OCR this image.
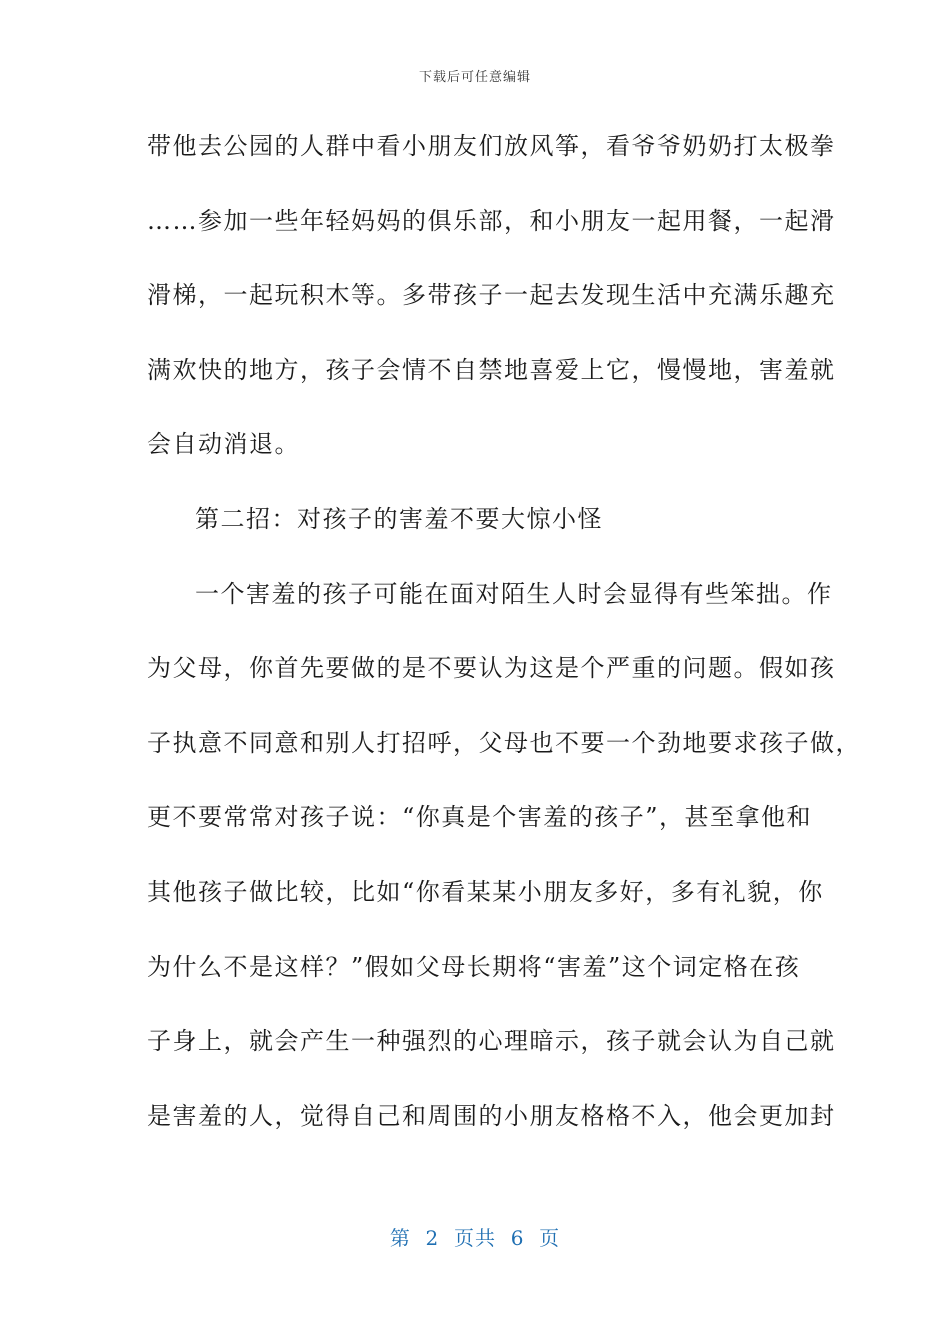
下载后可任意编辑
带他去公园的人群中看小朋友们放风筝，看爷爷奶奶打太极拳
……参加一些年轻妈妈的俱乐部，和小朋友一起用餐，一起滑
滑梯，一起玩积木等。多带孩子一起去发现生活中充满乐趣充
满欢快的地方，孩子会情不自禁地喜爱上它，慢慢地，害羞就
会自动消退。
第二招：对孩子的害羞不要大惊小怪
一个害羞的孩子可能在面对陌生人时会显得有些笨拙。作
为父母，你首先要做的是不要认为这是个严重的问题。假如孩
子执意不同意和别人打招呼，父母也不要一个劲地要求孩子做，
更不要常常对孩子说：“你真是个害羞的孩子”，甚至拿他和
其他孩子做比较，比如“你看某某小朋友多好，多有礼貌，你
为什么不是这样？”假如父母长期将“害羞”这个词定格在孩
子身上，就会产生一种强烈的心理暗示，孩子就会认为自己就
是害羞的人，觉得自己和周围的小朋友格格不入，他会更加封
第  2  页共  6  页
